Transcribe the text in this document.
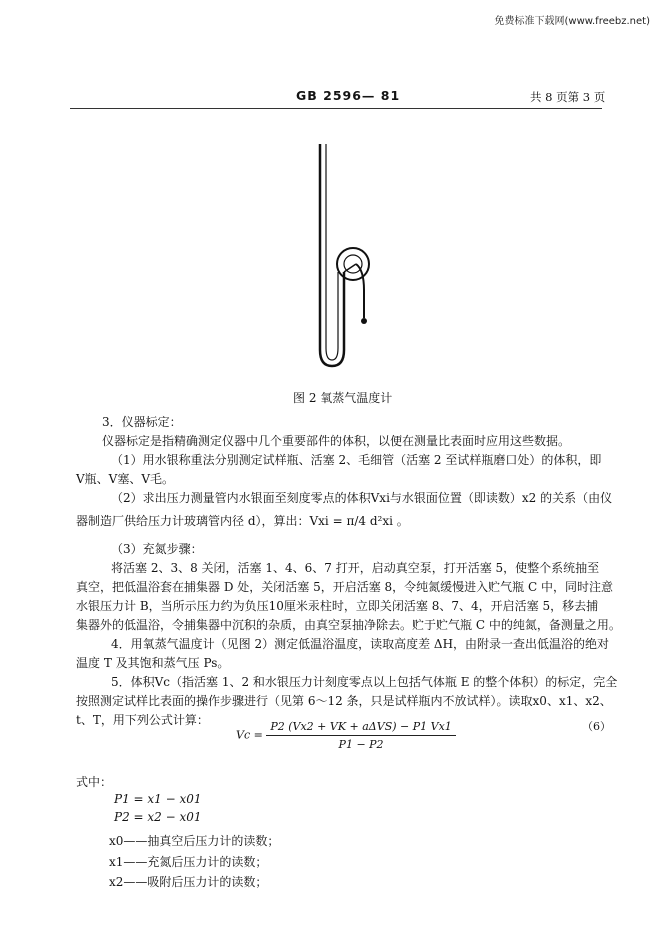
免费标准下载网(www.freebz.net)
GB 2596— 81	共 8 页第 3 页
图 2 氧蒸气温度计
3．仪器标定：
仪器标定是指精确测定仪器中几个重要部件的体积，以便在测量比表面时应用这些数据。
（1）用水银称重法分别测定试样瓶、活塞 2、毛细管（活塞 2 至试样瓶磨口处）的体积，即
V瓶、V塞、V毛。
（2）求出压力测量管内水银面至刻度零点的体积Vxi与水银面位置（即读数）x2 的关系（由仪
器制造厂供给压力计玻璃管内径 d），算出：Vxi = π/4 d²xi 。
（3）充氮步骤：
将活塞 2、3、8 关闭，活塞 1、4、6、7 打开，启动真空泵，打开活塞 5，使整个系统抽至
真空，把低温浴套在捕集器 D 处，关闭活塞 5，开启活塞 8，令纯氮缓慢进入贮气瓶 C 中，同时注意
水银压力计 B，当所示压力约为负压10厘米汞柱时，立即关闭活塞 8、7、4，开启活塞 5，移去捕
集器外的低温浴，令捕集器中沉积的杂质，由真空泵抽净除去。贮于贮气瓶 C 中的纯氮，备测量之用。
4．用氧蒸气温度计（见图 2）测定低温浴温度，读取高度差 ΔH，由附录一查出低温浴的绝对
温度 T 及其饱和蒸气压 Ps。
5．体积Vc（指活塞 1、2 和水银压力计刻度零点以上包括气体瓶 E 的整个体积）的标定，完全
按照测定试样比表面的操作步骤进行（见第 6～12 条，只是试样瓶内不放试样）。读取x0、x1、x2、
t、T，用下列公式计算：
$Vc = \frac{\text{P2 (Vx2 + VK + aΔVS) − P1 Vx1}}{P1 - P2}$	（6）
式中：
P1 = x1 − x01
P2 = x2 − x01
x0——抽真空后压力计的读数；
x1——充氮后压力计的读数；
x2——吸附后压力计的读数；
